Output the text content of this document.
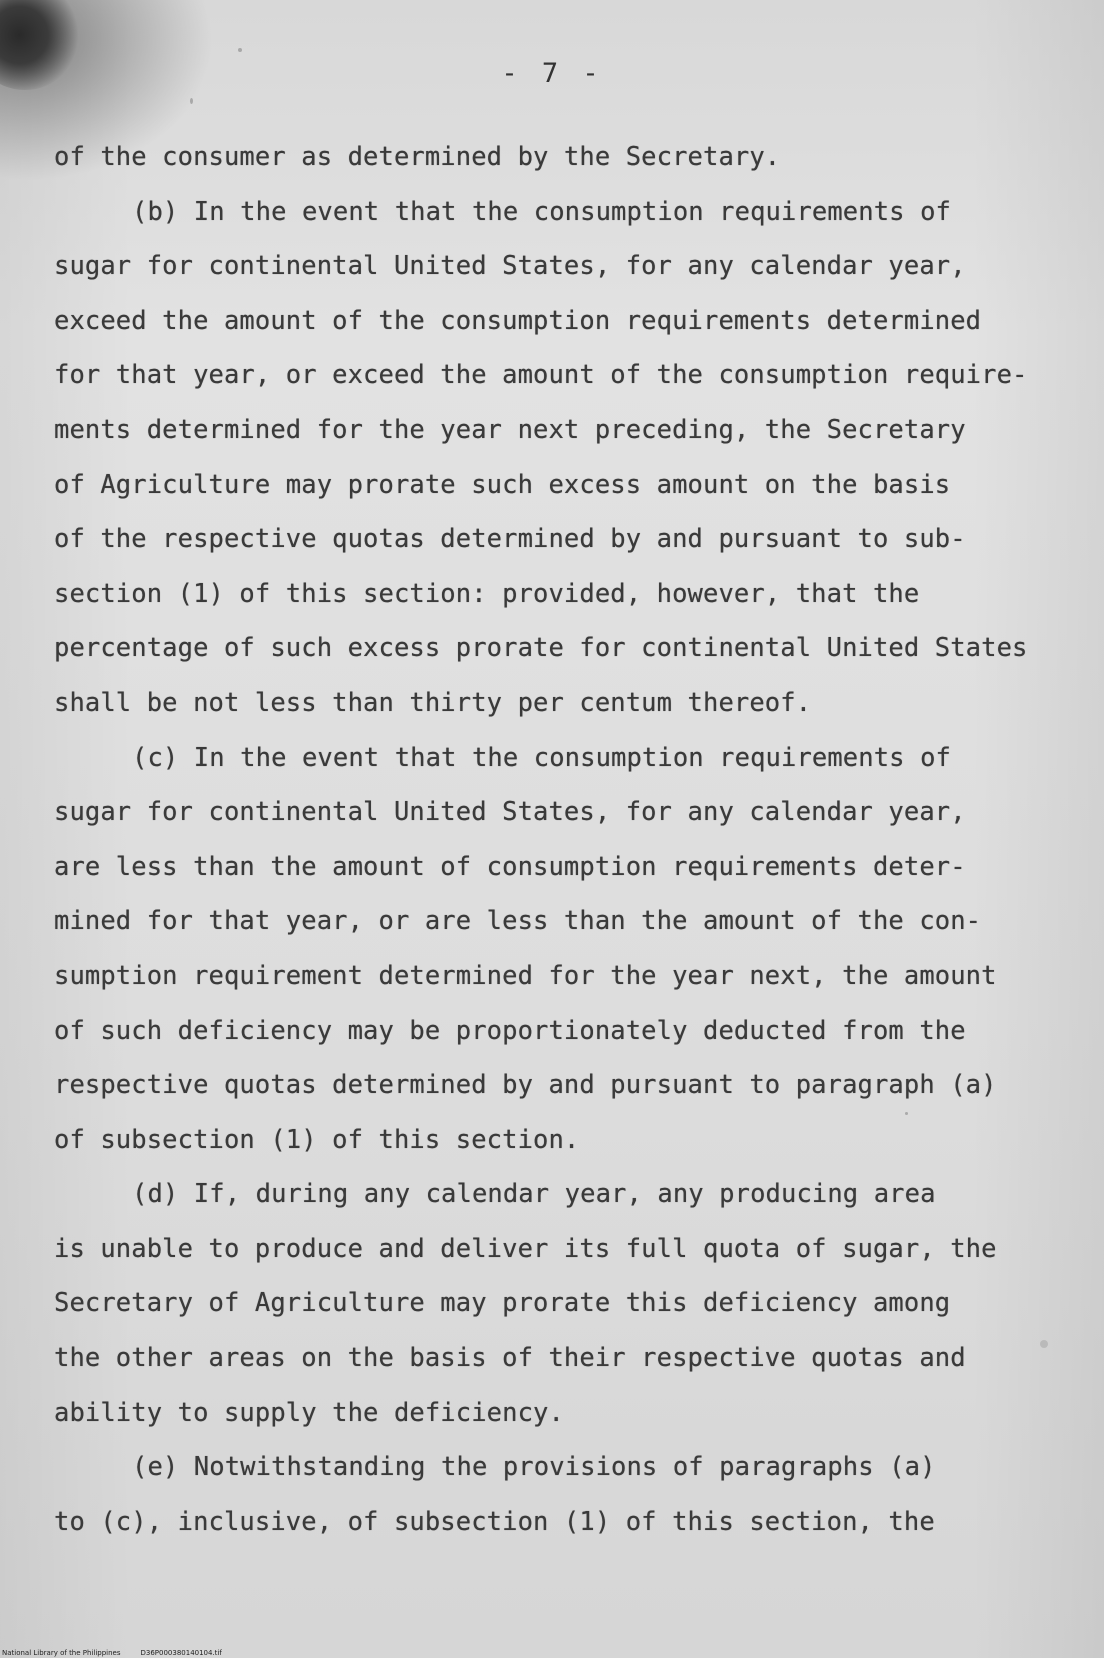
- 7 -
of the consumer as determined by the Secretary.
(b) In the event that the consumption requirements of
sugar for continental United States, for any calendar year,
exceed the amount of the consumption requirements determined
for that year, or exceed the amount of the consumption require-
ments determined for the year next preceding, the Secretary
of Agriculture may prorate such excess amount on the basis
of the respective quotas determined by and pursuant to sub-
section (1) of this section: provided, however, that the
percentage of such excess prorate for continental United States
shall be not less than thirty per centum thereof.
(c) In the event that the consumption requirements of
sugar for continental United States, for any calendar year,
are less than the amount of consumption requirements deter-
mined for that year, or are less than the amount of the con-
sumption requirement determined for the year next, the amount
of such deficiency may be proportionately deducted from the
respective quotas determined by and pursuant to paragraph (a)
of subsection (1) of this section.
(d) If, during any calendar year, any producing area
is unable to produce and deliver its full quota of sugar, the
Secretary of Agriculture may prorate this deficiency among
the other areas on the basis of their respective quotas and
ability to supply the deficiency.
(e) Notwithstanding the provisions of paragraphs (a)
to (c), inclusive, of subsection (1) of this section, the
National Library of the Philippines	D36P000380140104.tif
